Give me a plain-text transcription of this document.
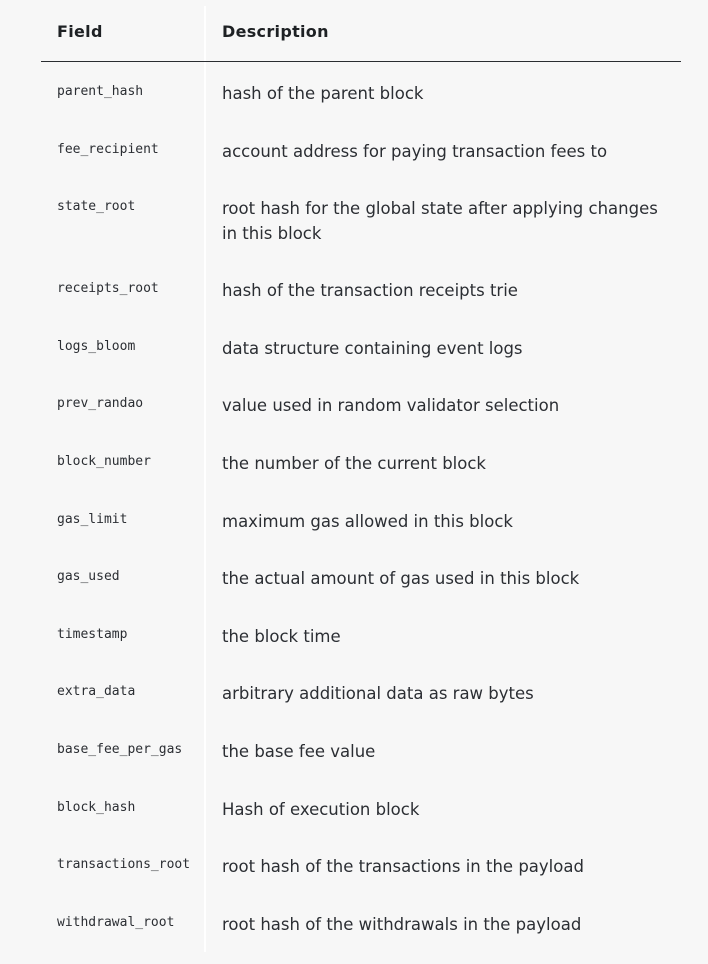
Field	Description
parent_hash	hash of the parent block
fee_recipient	account address for paying transaction fees to
state_root	root hash for the global state after applying changes in this block
receipts_root	hash of the transaction receipts trie
logs_bloom	data structure containing event logs
prev_randao	value used in random validator selection
block_number	the number of the current block
gas_limit	maximum gas allowed in this block
gas_used	the actual amount of gas used in this block
timestamp	the block time
extra_data	arbitrary additional data as raw bytes
base_fee_per_gas the base fee value
block_hash	Hash of execution block
transactions_root root hash of the transactions in the payload
withdrawal_root	root hash of the withdrawals in the payload
